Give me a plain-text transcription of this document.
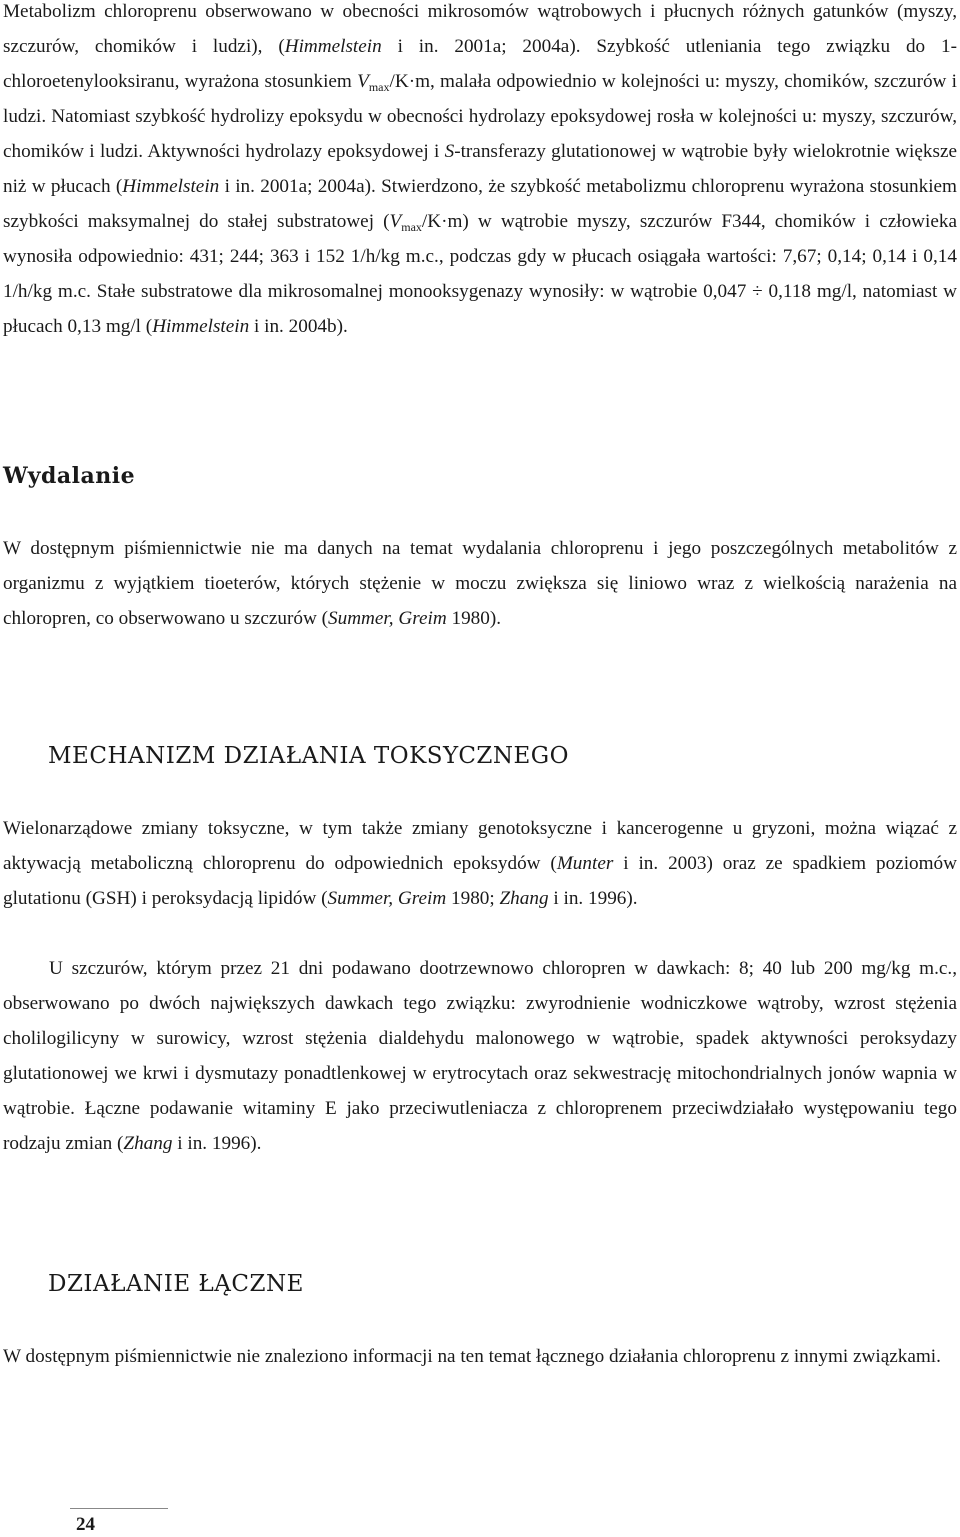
Metabolizm chloroprenu obserwowano w obecności mikrosomów wątrobowych i płucnych różnych gatunków (myszy, szczurów, chomików i ludzi), (Himmelstein i in. 2001a; 2004a). Szybkość utleniania tego związku do 1-chloroetenylooksiranu, wyrażona stosunkiem $V_{max}/K\cdot m$, malała odpowiednio w kolejności u: myszy, chomików, szczurów i ludzi. Natomiast szybkość hydrolizy epoksydu w obecności hydrolazy epoksydowej rosła w kolejności u: myszy, szczurów, chomików i ludzi. Aktywności hydrolazy epoksydowej i S-transferazy glutationowej w wątrobie były wielokrotnie większe niż w płucach (Himmelstein i in. 2001a; 2004a). Stwierdzono, że szybkość metabolizmu chloroprenu wyrażona stosunkiem szybkości maksymalnej do stałej substratowej $(V_{max}/K\cdot m)$ w wątrobie myszy, szczurów F344, chomików i człowieka wynosiła odpowiednio: 431; 244; 363 i 152 1/h/kg m.c., podczas gdy w płucach osiągała wartości: 7,67; 0,14; 0,14 i 0,14 1/h/kg m.c. Stałe substratowe dla mikrosomalnej monooksygenazy wynosiły: w wątrobie 0,047 ÷ 0,118 mg/l, natomiast w płucach 0,13 mg/l (Himmelstein i in. 2004b).

Wydalanie

W dostępnym piśmiennictwie nie ma danych na temat wydalania chloroprenu i jego poszczególnych metabolitów z organizmu z wyjątkiem tioeterów, których stężenie w moczu zwiększa się liniowo wraz z wielkością narażenia na chloropren, co obserwowano u szczurów (Summer, Greim 1980).

MECHANIZM DZIAŁANIA TOKSYCZNEGO

Wielonarządowe zmiany toksyczne, w tym także zmiany genotoksyczne i kancerogenne u gryzoni, można wiązać z aktywacją metaboliczną chloroprenu do odpowiednich epoksydów (Munter i in. 2003) oraz ze spadkiem poziomów glutationu (GSH) i peroksydacją lipidów (Summer, Greim 1980; Zhang i in. 1996).

U szczurów, którym przez 21 dni podawano dootrzewnowo chloropren w dawkach: 8; 40 lub 200 mg/kg m.c., obserwowano po dwóch największych dawkach tego związku: zwyrodnienie wodniczkowe wątroby, wzrost stężenia cholilogilicyny w surowicy, wzrost stężenia dialdehydu malonowego w wątrobie, spadek aktywności peroksydazy glutationowej we krwi i dysmutazy ponadtlenkowej w erytrocytach oraz sekwestrację mitochondrialnych jonów wapnia w wątrobie. Łączne podawanie witaminy E jako przeciwutleniacza z chloroprenem przeciwdziałało występowaniu tego rodzaju zmian (Zhang i in. 1996).

DZIAŁANIE ŁĄCZNE

W dostępnym piśmiennictwie nie znaleziono informacji na ten temat łącznego działania chloroprenu z innymi związkami.

24
